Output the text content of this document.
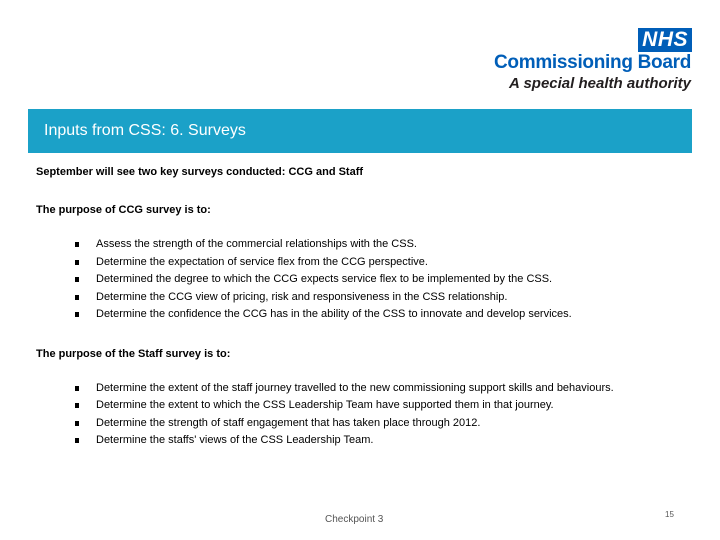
NHS
Commissioning Board
A special health authority
Inputs from CSS: 6. Surveys

September will see two key surveys conducted: CCG and Staff

The purpose of CCG survey is to:

Assess the strength of the commercial relationships with the CSS.
Determine the expectation of service flex from the CCG perspective.
Determined the degree to which the CCG expects service flex to be implemented by the CSS.
Determine the CCG view of pricing, risk and responsiveness in the CSS relationship.
Determine the confidence the CCG has in the ability of the CSS to innovate and develop services.

The purpose of the Staff survey is to:

Determine the extent of the staff journey travelled to the new commissioning support skills and behaviours.
Determine the extent to which the CSS Leadership Team have supported them in that journey.
Determine the strength of staff engagement that has taken place through 2012.
Determine the staffs' views of the CSS Leadership Team.
Checkpoint 3	15
